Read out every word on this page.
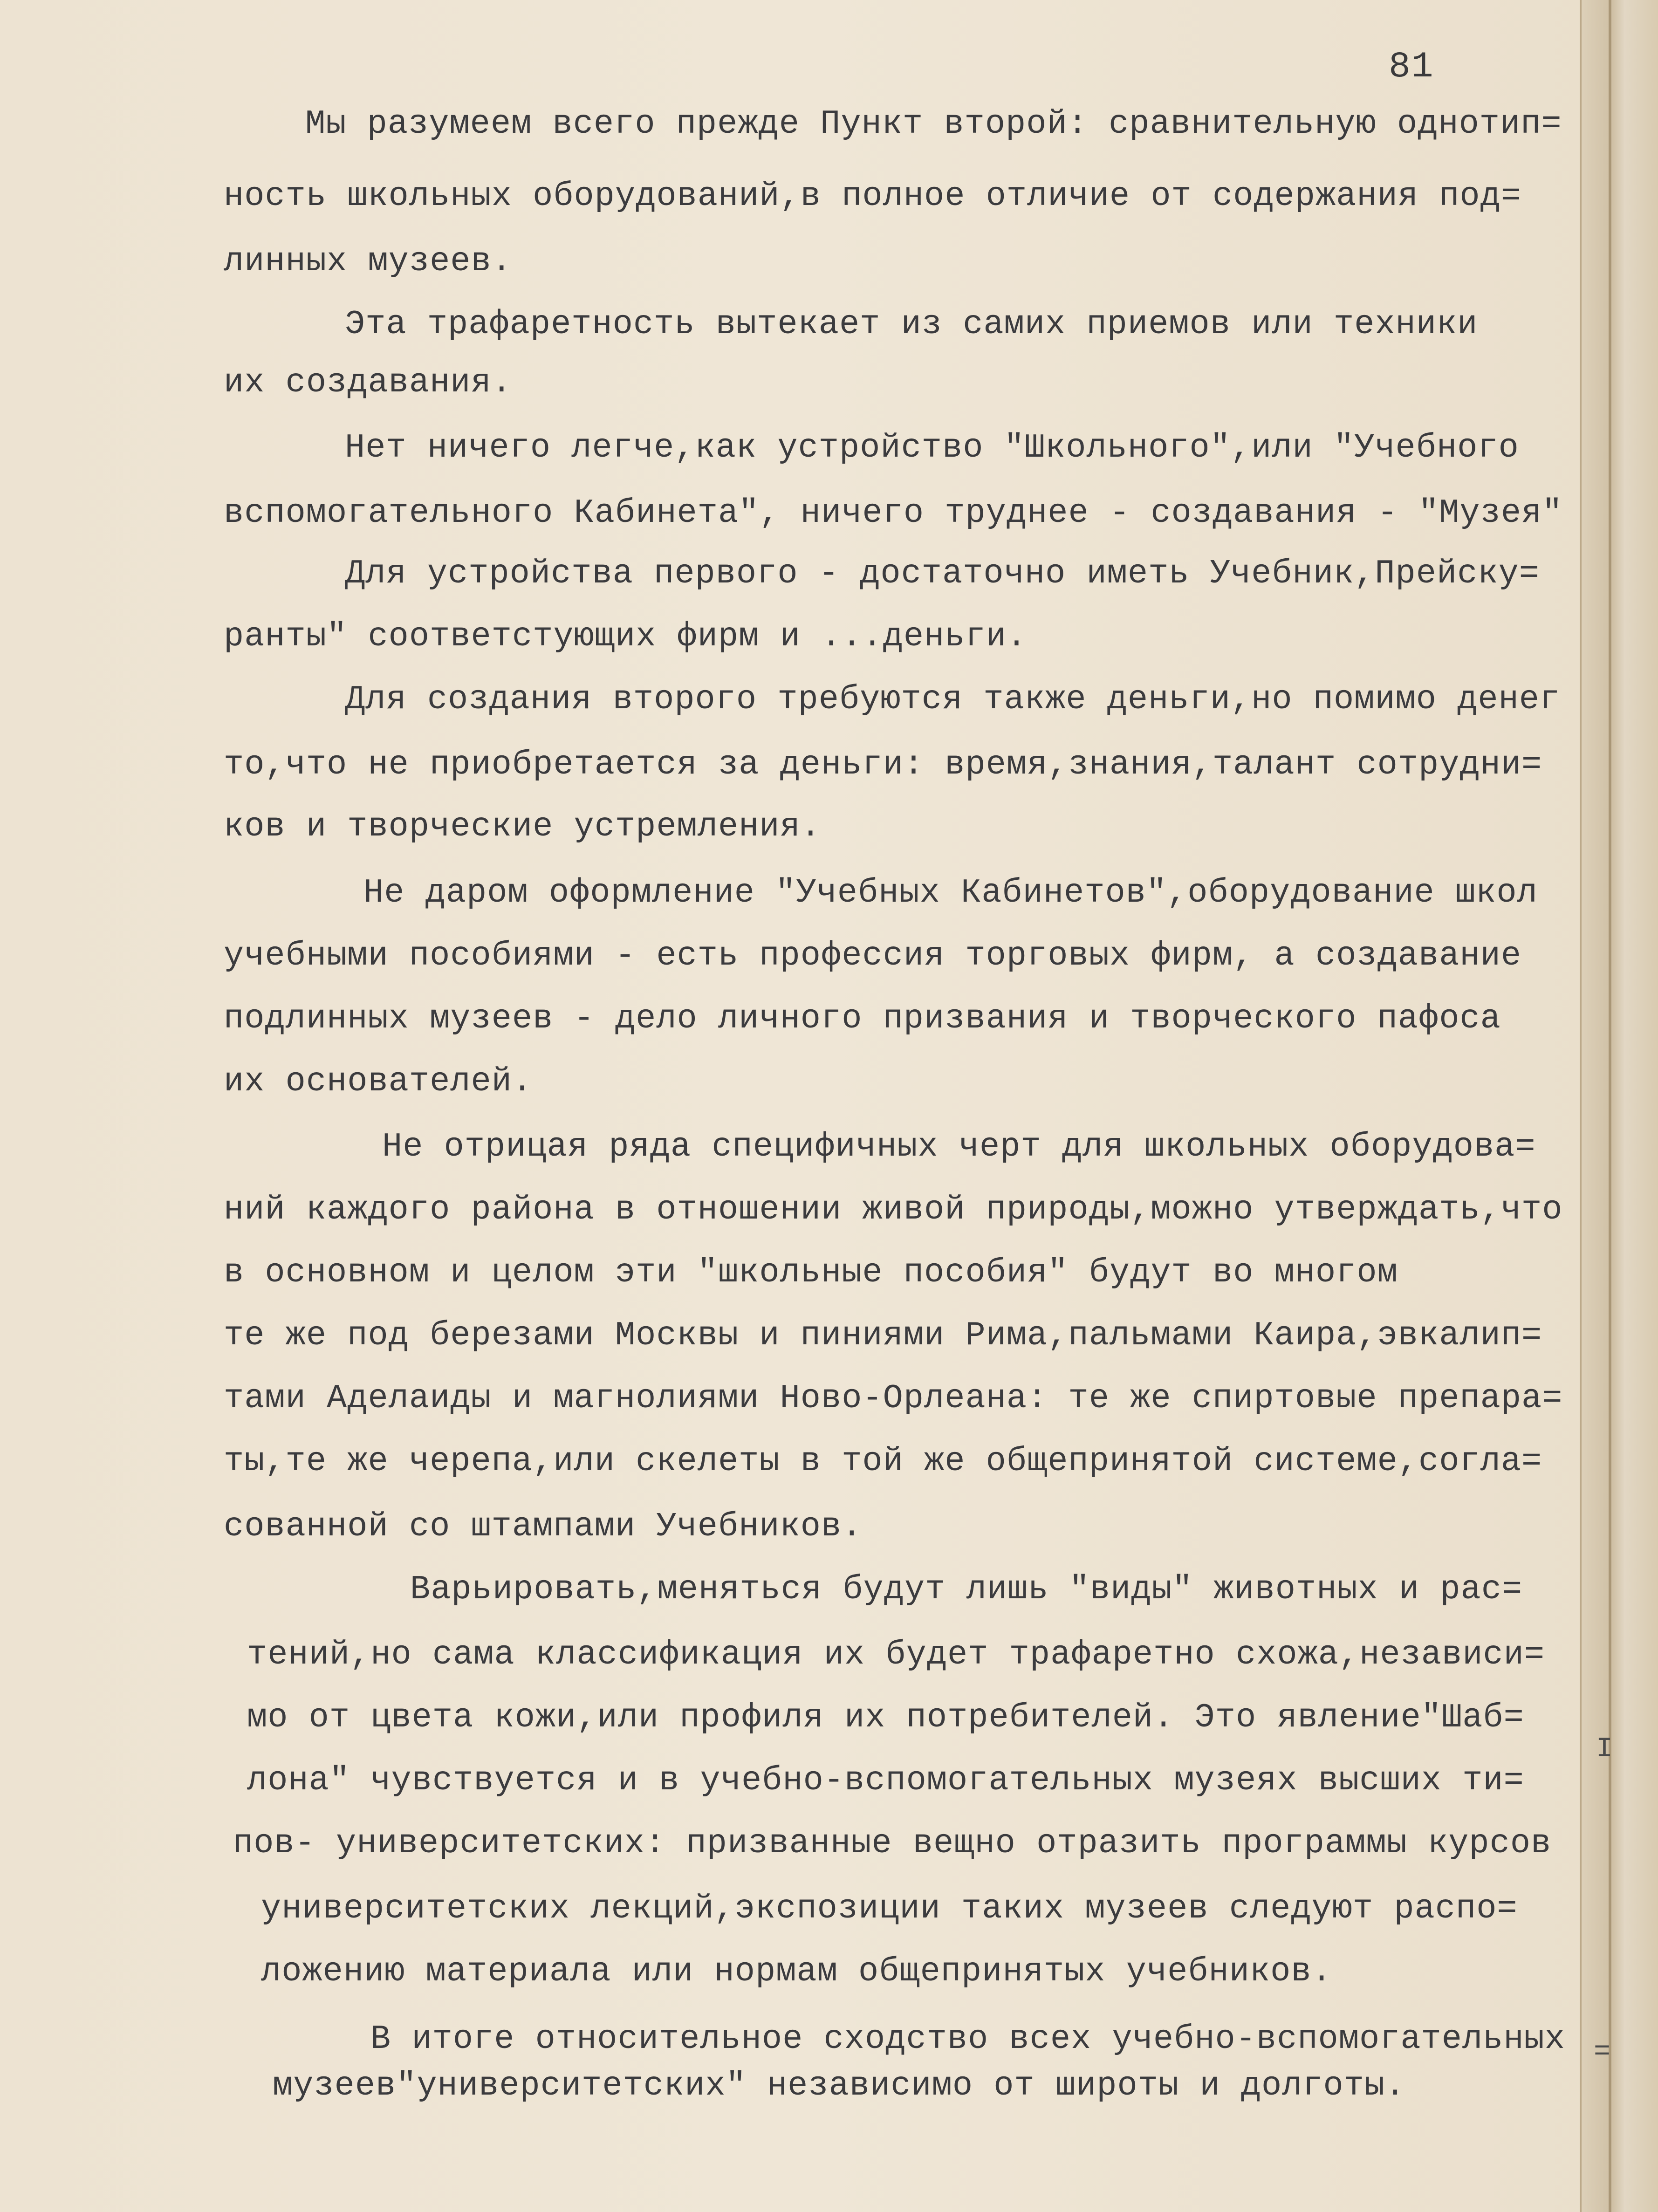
81
Мы разумеем всего прежде Пункт второй: сравнительную однотип=
ность школьных оборудований,в полное отличие от содержания под=
линных музеев.
Эта трафаретность вытекает из самих приемов или техники
их создавания.
Нет ничего легче,как устройство "Школьного",или "Учебного
вспомогательного Кабинета", ничего труднее - создавания - "Музея"
Для устройства первого - достаточно иметь Учебник,Прейску=
ранты" соответстующих фирм и ...деньги.
Для создания второго требуются также деньги,но помимо денег
то,что не приобретается за деньги: время,знания,талант сотрудни=
ков и творческие устремления.
Не даром оформление "Учебных Кабинетов",оборудование школ
учебными пособиями - есть профессия торговых фирм, а создавание
подлинных музеев - дело личного призвания и творческого пафоса
их основателей.
Не отрицая ряда специфичных черт для школьных оборудова=
ний каждого района в отношении живой природы,можно утверждать,что
в основном и целом эти "школьные пособия" будут во многом
те же под березами Москвы и пиниями Рима,пальмами Каира,эвкалип=
тами Аделаиды и магнолиями Ново-Орлеана: те же спиртовые препара=
ты,те же черепа,или скелеты в той же общепринятой системе,согла=
сованной со штампами Учебников.
Варьировать,меняться будут лишь "виды" животных и рас=
тений,но сама классификация их будет трафаретно схожа,независи=
мо от цвета кожи,или профиля их потребителей. Это явление"Шаб=
лона" чувствуется и в учебно-вспомогательных музеях высших ти=
пов- университетских: призванные вещно отразить программы курсов
университетских лекций,экспозиции таких музеев следуют распо=
ложению материала или нормам общепринятых учебников.
В итоге относительное сходство всех учебно-вспомогательных
музеев"университетских" независимо от широты и долготы.
=
I
